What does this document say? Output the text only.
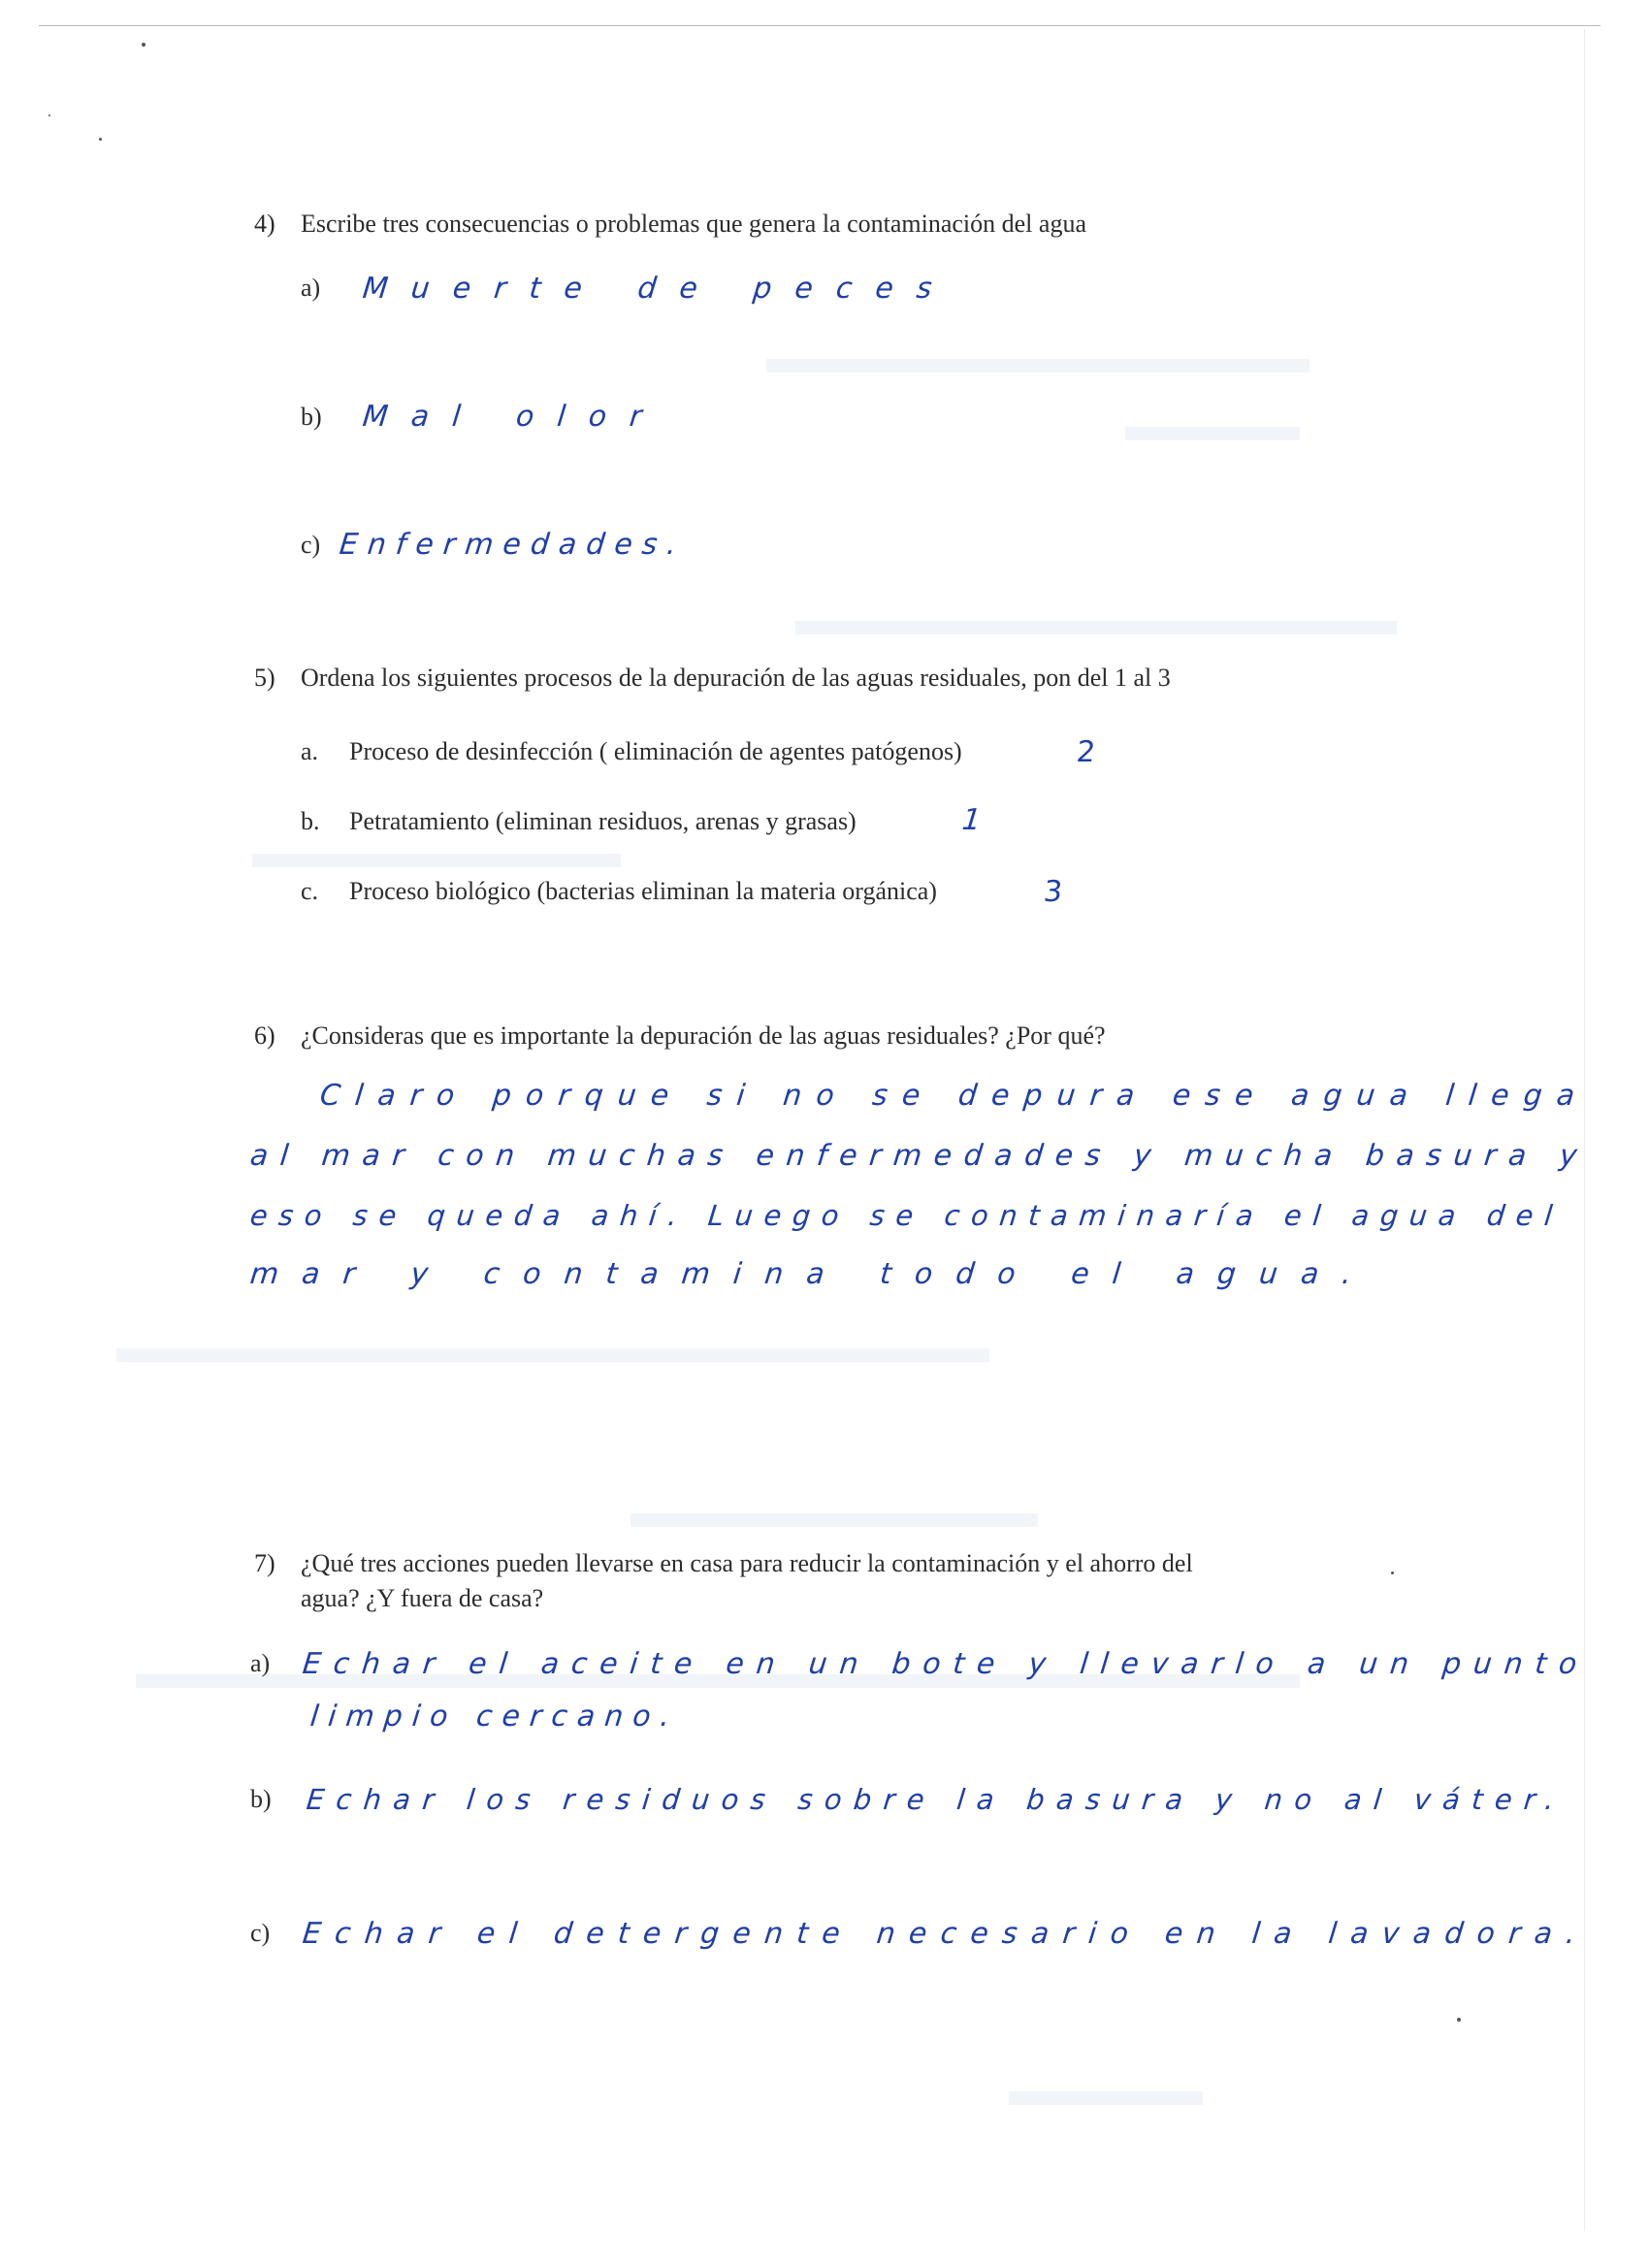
4) Escribe tres consecuencias o problemas que genera la contaminación del agua
a) Muerte de peces
b) Mal olor
c) Enfermedades.
5) Ordena los siguientes procesos de la depuración de las aguas residuales, pon del 1 al 3
a. Proceso de desinfección ( eliminación de agentes patógenos)	2
b. Petratamiento (eliminan residuos, arenas y grasas)	1
c. Proceso biológico (bacterias eliminan la materia orgánica)	3
6) ¿Consideras que es importante la depuración de las aguas residuales? ¿Por qué?
Claro porque si no se depura ese agua llega
al mar con muchas enfermedades y mucha basura y
eso se queda ahí. Luego se contaminaría el agua del
mar y contamina todo el agua.
7) ¿Qué tres acciones pueden llevarse en casa para reducir la contaminación y el ahorro del
agua? ¿Y fuera de casa?
a) Echar el aceite en un bote y llevarlo a un punto
limpio cercano.
b) Echar los residuos sobre la basura y no al váter.
c) Echar el detergente necesario en la lavadora.
